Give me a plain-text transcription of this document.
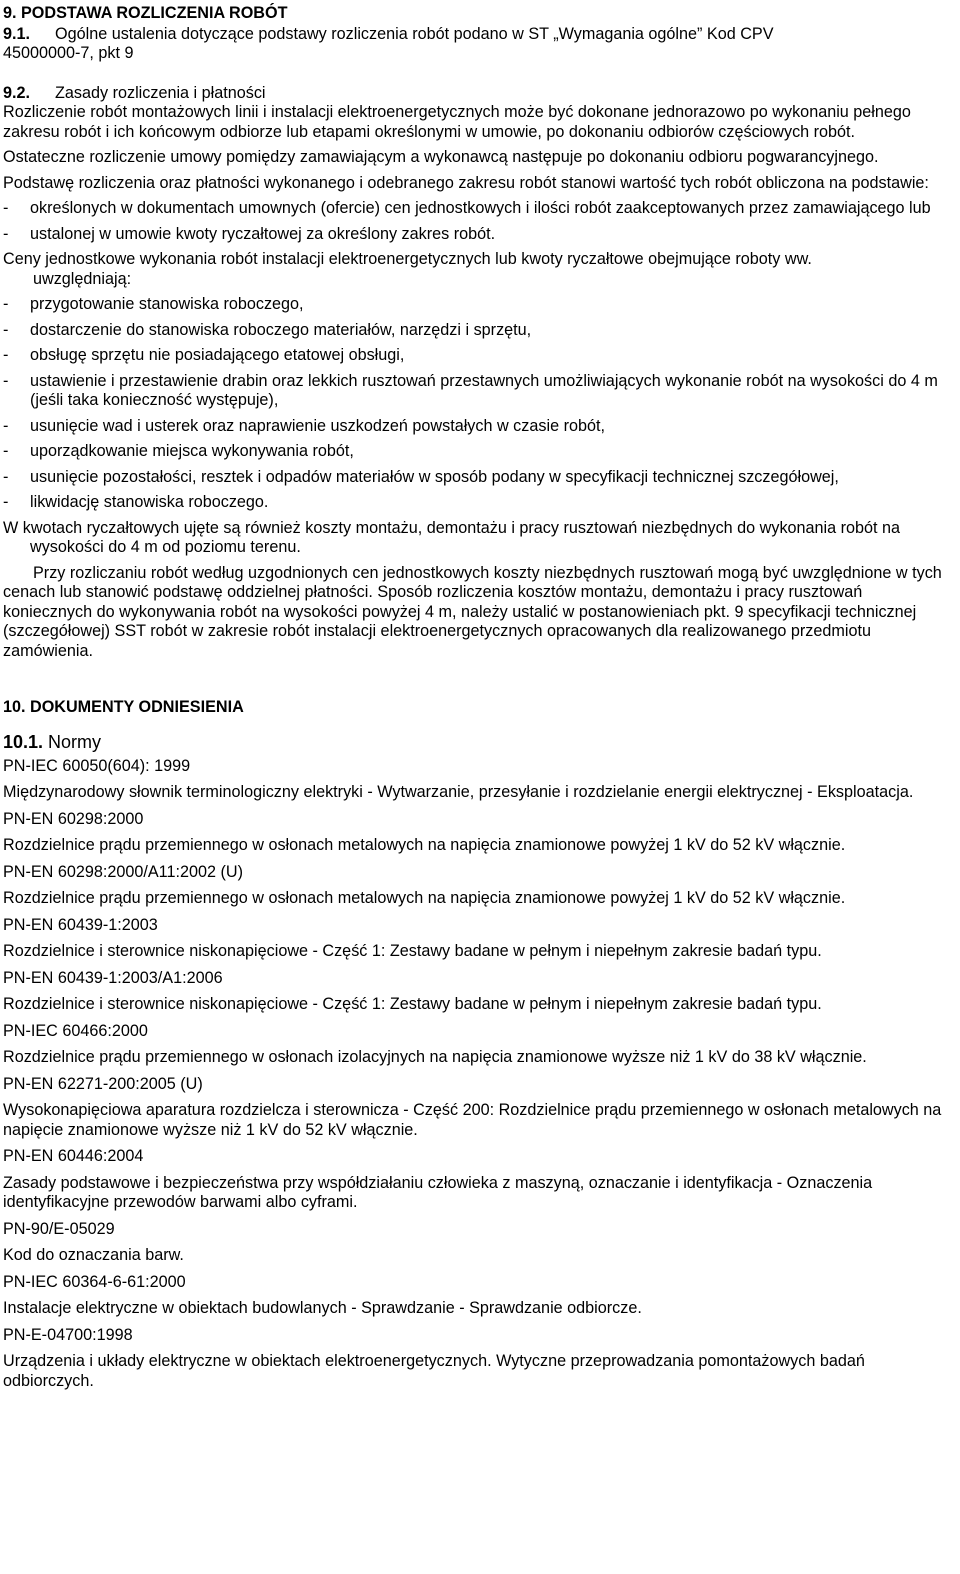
9. PODSTAWA ROZLICZENIA ROBÓT

9.1. Ogólne ustalenia dotyczące podstawy rozliczenia robót podano w ST „Wymagania ogólne” Kod CPV

45000000-7, pkt 9

9.2. Zasady rozliczenia i płatności

Rozliczenie robót montażowych linii i instalacji elektroenergetycznych może być dokonane jednorazowo po wykonaniu pełnego zakresu robót i ich końcowym odbiorze lub etapami określonymi w umowie, po dokonaniu odbiorów częściowych robót.

Ostateczne rozliczenie umowy pomiędzy zamawiającym a wykonawcą następuje po dokonaniu odbioru pogwarancyjnego.

Podstawę rozliczenia oraz płatności wykonanego i odebranego zakresu robót stanowi wartość tych robót obliczona na podstawie:

- określonych w dokumentach umownych (ofercie) cen jednostkowych i ilości robót zaakceptowanych przez zamawiającego lub
- ustalonej w umowie kwoty ryczałtowej za określony zakres robót.

Ceny jednostkowe wykonania robót instalacji elektroenergetycznych lub kwoty ryczałtowe obejmujące roboty ww.

uwzględniają:

- przygotowanie stanowiska roboczego,
- dostarczenie do stanowiska roboczego materiałów, narzędzi i sprzętu,
- obsługę sprzętu nie posiadającego etatowej obsługi,
- ustawienie i przestawienie drabin oraz lekkich rusztowań przestawnych umożliwiających wykonanie robót na wysokości do 4 m (jeśli taka konieczność występuje),
- usunięcie wad i usterek oraz naprawienie uszkodzeń powstałych w czasie robót,
- uporządkowanie miejsca wykonywania robót,
- usunięcie pozostałości, resztek i odpadów materiałów w sposób podany w specyfikacji technicznej szczegółowej,
- likwidację stanowiska roboczego.

W kwotach ryczałtowych ujęte są również koszty montażu, demontażu i pracy rusztowań niezbędnych do wykonania robót na wysokości do 4 m od poziomu terenu.

Przy rozliczaniu robót według uzgodnionych cen jednostkowych koszty niezbędnych rusztowań mogą być uwzględnione w tych cenach lub stanowić podstawę oddzielnej płatności. Sposób rozliczenia kosztów montażu, demontażu i pracy rusztowań koniecznych do wykonywania robót na wysokości powyżej 4 m, należy ustalić w postanowieniach pkt. 9 specyfikacji technicznej (szczegółowej) SST robót w zakresie robót instalacji elektroenergetycznych opracowanych dla realizowanego przedmiotu zamówienia.

10. DOKUMENTY ODNIESIENIA

10.1. Normy

PN-IEC 60050(604): 1999

Międzynarodowy słownik terminologiczny elektryki - Wytwarzanie, przesyłanie i rozdzielanie energii elektrycznej - Eksploatacja.

PN-EN 60298:2000

Rozdzielnice prądu przemiennego w osłonach metalowych na napięcia znamionowe powyżej 1 kV do 52 kV włącznie.

PN-EN 60298:2000/A11:2002 (U)

Rozdzielnice prądu przemiennego w osłonach metalowych na napięcia znamionowe powyżej 1 kV do 52 kV włącznie.

PN-EN 60439-1:2003

Rozdzielnice i sterownice niskonapięciowe - Część 1: Zestawy badane w pełnym i niepełnym zakresie badań typu.

PN-EN 60439-1:2003/A1:2006

Rozdzielnice i sterownice niskonapięciowe - Część 1: Zestawy badane w pełnym i niepełnym zakresie badań typu.

PN-IEC 60466:2000

Rozdzielnice prądu przemiennego w osłonach izolacyjnych na napięcia znamionowe wyższe niż 1 kV do 38 kV włącznie.

PN-EN 62271-200:2005 (U)

Wysokonapięciowa aparatura rozdzielcza i sterownicza - Część 200: Rozdzielnice prądu przemiennego w osłonach metalowych na napięcie znamionowe wyższe niż 1 kV do 52 kV włącznie.

PN-EN 60446:2004

Zasady podstawowe i bezpieczeństwa przy współdziałaniu człowieka z maszyną, oznaczanie i identyfikacja - Oznaczenia identyfikacyjne przewodów barwami albo cyframi.

PN-90/E-05029

Kod do oznaczania barw.

PN-IEC 60364-6-61:2000

Instalacje elektryczne w obiektach budowlanych - Sprawdzanie - Sprawdzanie odbiorcze.

PN-E-04700:1998

Urządzenia i układy elektryczne w obiektach elektroenergetycznych. Wytyczne przeprowadzania pomontażowych badań odbiorczych.
